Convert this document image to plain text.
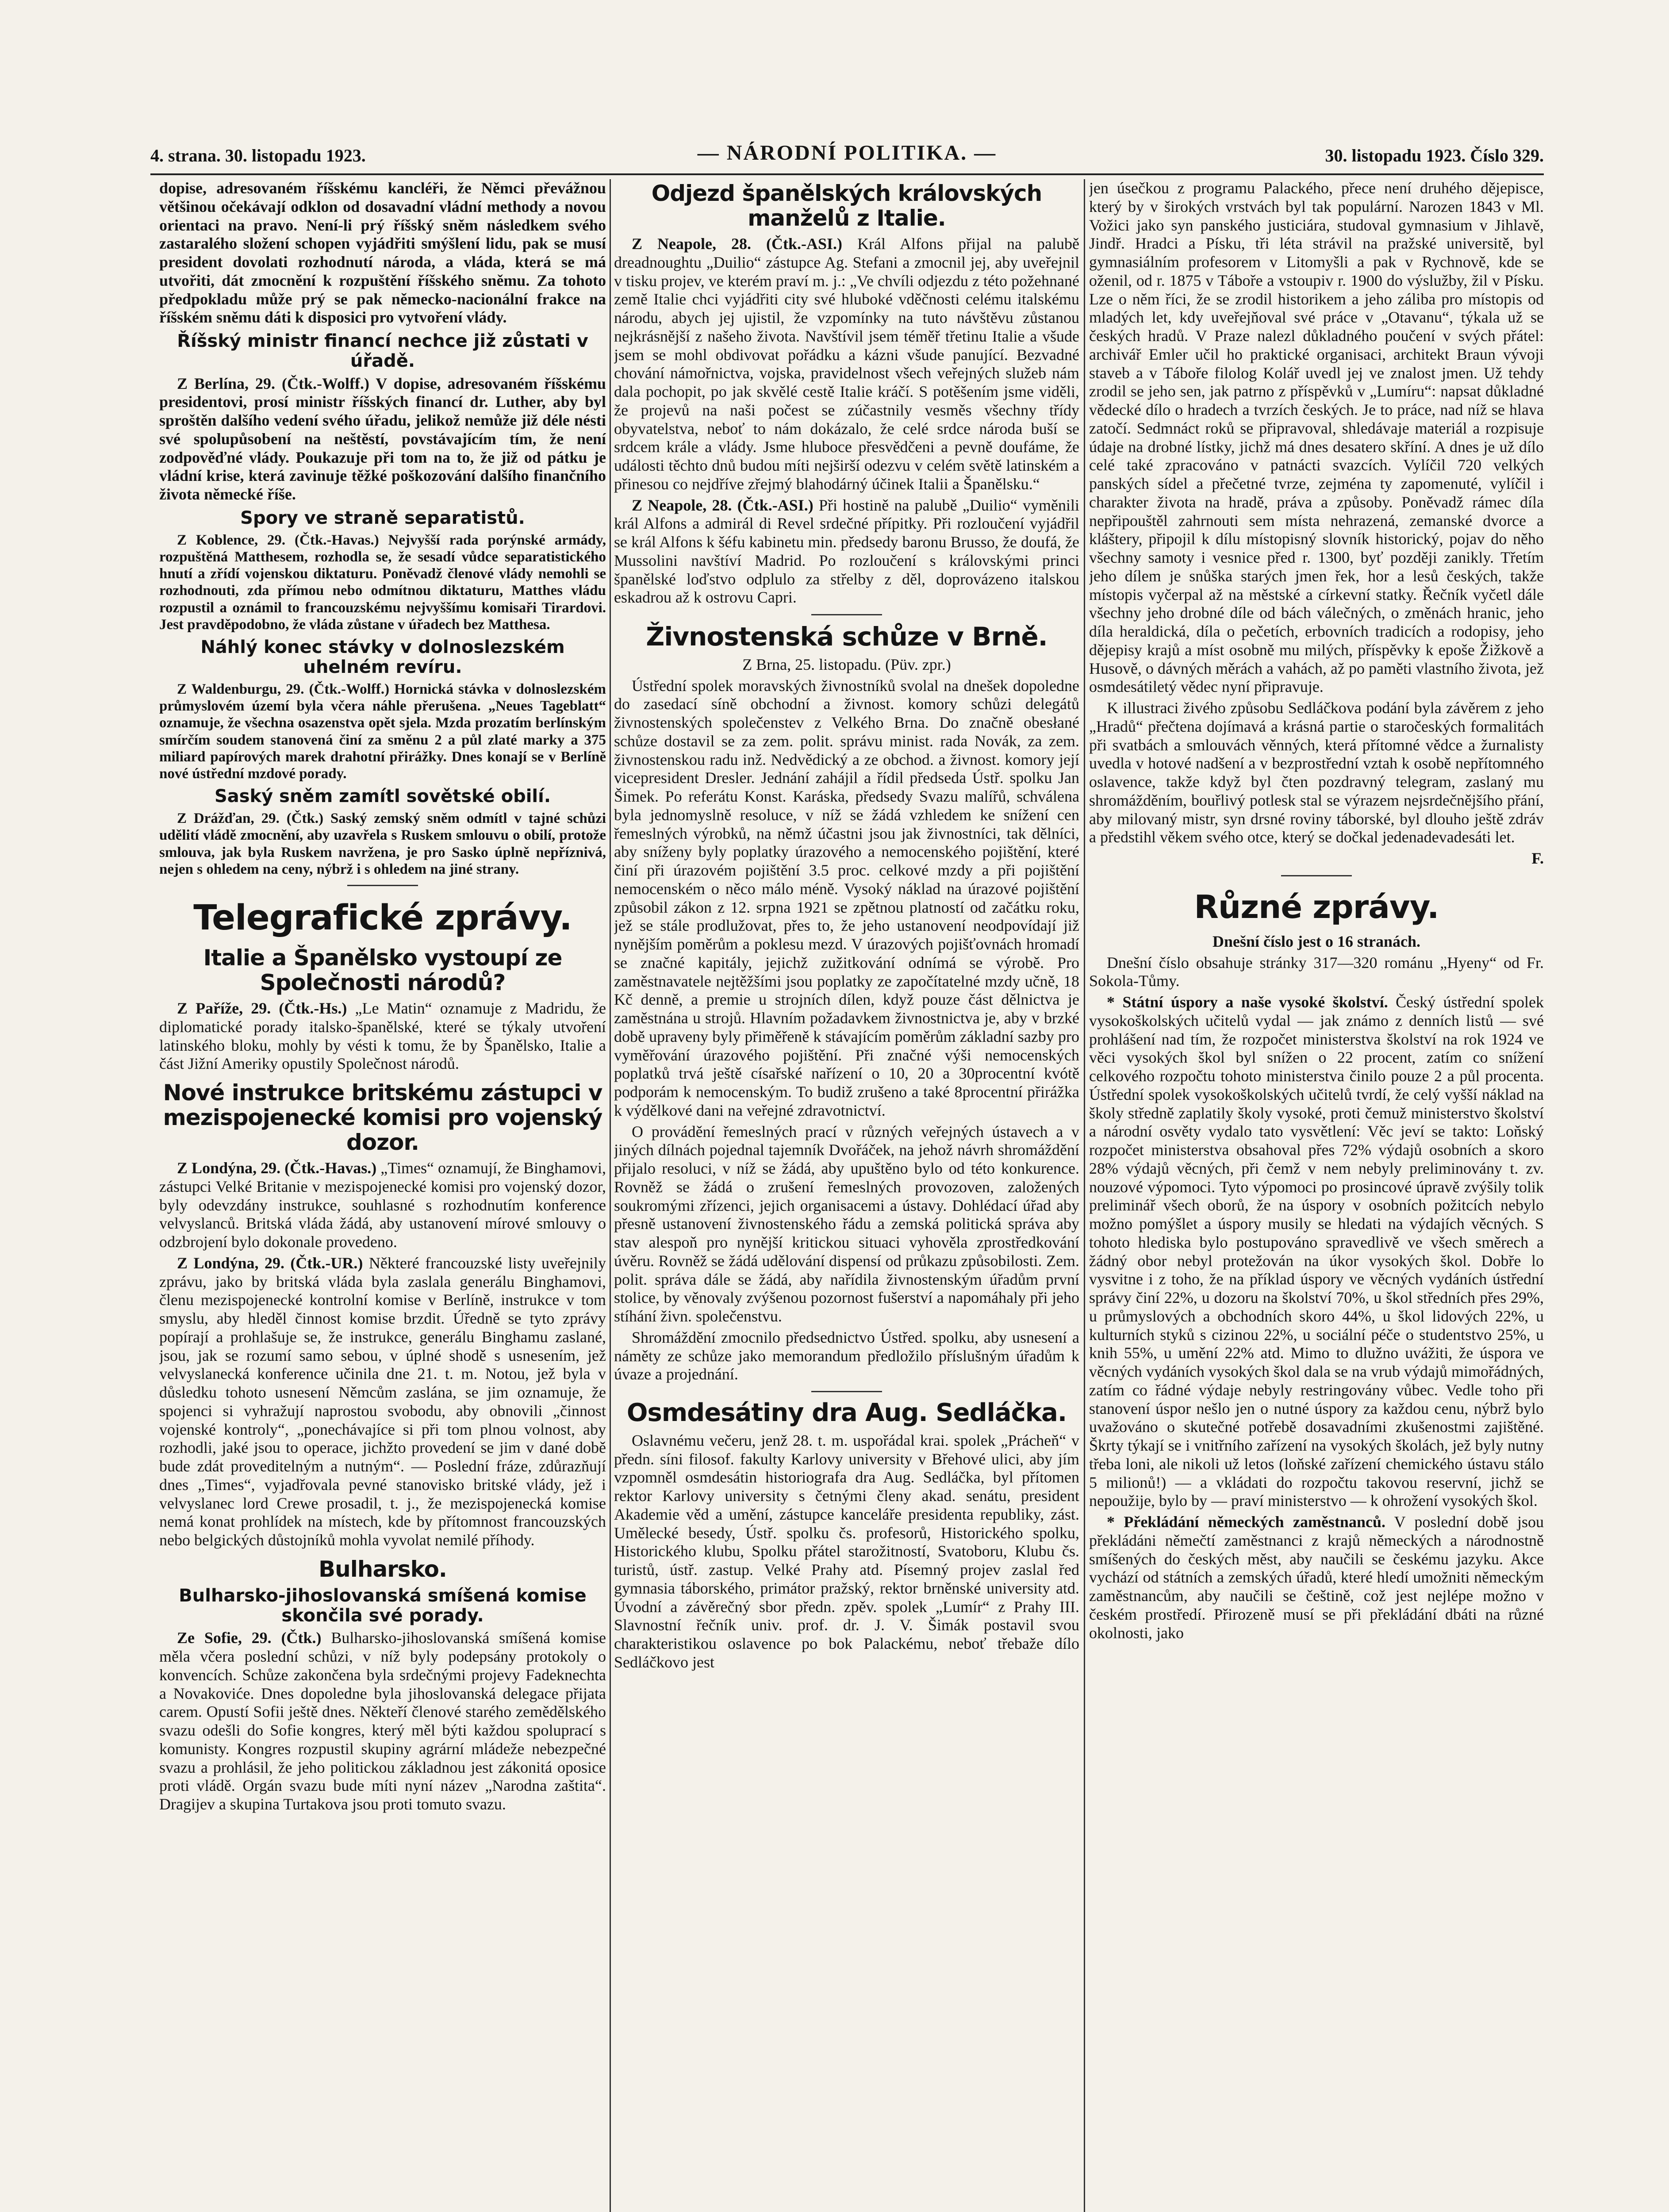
4. strana. 30. listopadu 1923.	— NÁRODNÍ POLITIKA. —	30. listopadu 1923. Číslo 329.

dopise, adresovaném říšskému kancléři, že Němci převážnou většinou očekávají odklon od dosavadní vládní methody a novou orientaci na pravo. Není-li prý říšský sněm následkem svého zastaralého složení schopen vyjádřiti smýšlení lidu, pak se musí president dovolati rozhodnutí národa, a vláda, která se má utvořiti, dát zmocnění k rozpuštění říšského sněmu. Za tohoto předpokladu může prý se pak německo-nacionální frakce na říšském sněmu dáti k disposici pro vytvoření vlády.

Říšský ministr financí nechce již zůstati v úřadě.

Z Berlína, 29. (Čtk.-Wolff.) V dopise, adresovaném říšskému presidentovi, prosí ministr říšských financí dr. Luther, aby byl sproštěn dalšího vedení svého úřadu, jelikož nemůže již déle nésti své spolupůsobení na neštěstí, povstávajícím tím, že není zodpověďné vlády. Poukazuje při tom na to, že již od pátku je vládní krise, která zavinuje těžké poškozování dalšího finančního života německé říše.

Spory ve straně separatistů.

Z Koblence, 29. (Čtk.-Havas.) Nejvyšší rada porýnské armády, rozpuštěná Matthesem, rozhodla se, že sesadí vůdce separatistického hnutí a zřídí vojenskou diktaturu. Poněvadž členové vlády nemohli se rozhodnouti, zda přímou nebo odmítnou diktaturu, Matthes vládu rozpustil a oznámil to francouzskému nejvyššímu komisaři Tirardovi. Jest pravděpodobno, že vláda zůstane v úřadech bez Matthesa.

Náhlý konec stávky v dolnoslezském uhelném revíru.

Z Waldenburgu, 29. (Čtk.-Wolff.) Hornická stávka v dolnoslezském průmyslovém území byla včera náhle přerušena. „Neues Tageblatt“ oznamuje, že všechna osazenstva opět sjela. Mzda prozatím berlínským smírčím soudem stanovená činí za směnu 2 a půl zlaté marky a 375 miliard papírových marek drahotní přirážky. Dnes konají se v Berlíně nové ústřední mzdové porady.

Saský sněm zamítl sovětské obilí.

Z Drážďan, 29. (Čtk.) Saský zemský sněm odmítl v tajné schůzi udělití vládě zmocnění, aby uzavřela s Ruskem smlouvu o obilí, protože smlouva, jak byla Ruskem navržena, je pro Sasko úplně nepříznivá, nejen s ohledem na ceny, nýbrž i s ohledem na jiné strany.

Telegrafické zprávy.
Italie a Španělsko vystoupí ze Společnosti národů?

Z Paříže, 29. (Čtk.-Hs.) „Le Matin“ oznamuje z Madridu, že diplomatické porady italsko-španělské, které se týkaly utvoření latinského bloku, mohly by vésti k tomu, že by Španělsko, Italie a část Jižní Ameriky opustily Společnost národů.

Nové instrukce britskému zástupci v mezispojenecké komisi pro vojenský dozor.

Z Londýna, 29. (Čtk.-Havas.) „Times“ oznamují, že Binghamovi, zástupci Velké Britanie v mezispojenecké komisi pro vojenský dozor, byly odevzdány instrukce, souhlasné s rozhodnutím konference velvyslanců. Britská vláda žádá, aby ustanovení mírové smlouvy o odzbrojení bylo dokonale provedeno.

Z Londýna, 29. (Čtk.-UR.) Některé francouzské listy uveřejnily zprávu, jako by britská vláda byla zaslala generálu Binghamovi, členu mezispojenecké kontrolní komise v Berlíně, instrukce v tom smyslu, aby hleděl činnost komise brzdit. Úředně se tyto zprávy popírají a prohlašuje se, že instrukce, generálu Binghamu zaslané, jsou, jak se rozumí samo sebou, v úplné shodě s usnesením, jež velvyslanecká konference učinila dne 21. t. m. Notou, jež byla v důsledku tohoto usnesení Němcům zaslána, se jim oznamuje, že spojenci si vyhražují naprostou svobodu, aby obnovili „činnost vojenské kontroly“, „ponechávajíce si při tom plnou volnost, aby rozhodli, jaké jsou to operace, jichžto provedení se jim v dané době bude zdát proveditelným a nutným“. — Poslední fráze, zdůrazňují dnes „Times“, vyjadřovala pevné stanovisko britské vlády, jež i velvyslanec lord Crewe prosadil, t. j., že mezispojenecká komise nemá konat prohlídek na místech, kde by přítomnost francouzských nebo belgických důstojníků mohla vyvolat nemilé příhody.

Bulharsko.
Bulharsko-jihoslovanská smíšená komise skončila své porady.

Ze Sofie, 29. (Čtk.) Bulharsko-jihoslovanská smíšená komise měla včera poslední schůzi, v níž byly podepsány protokoly o konvencích. Schůze zakončena byla srdečnými projevy Fadeknechta a Novakoviće. Dnes dopoledne byla jihoslovanská delegace přijata carem. Opustí Sofii ještě dnes. Někteří členové starého zemědělského svazu odešli do Sofie kongres, který měl býti každou spoluprací s komunisty. Kongres rozpustil skupiny agrární mládeže nebezpečné svazu a prohlásil, že jeho politickou základnou jest zákonitá oposice proti vládě. Orgán svazu bude míti nyní název „Narodna zaštita“. Dragijev a skupina Turtakova jsou proti tomuto svazu.

Odjezd španělských královských manželů z Italie.

Z Neapole, 28. (Čtk.-ASI.) Král Alfons přijal na palubě dreadnoughtu „Duilio“ zástupce Ag. Stefani a zmocnil jej, aby uveřejnil v tisku projev, ve kterém praví m. j.: „Ve chvíli odjezdu z této požehnané země Italie chci vyjádřiti city své hluboké vděčnosti celému italskému národu, abych jej ujistil, že vzpomínky na tuto návštěvu zůstanou nejkrásnější z našeho života. Navštívil jsem téměř třetinu Italie a všude jsem se mohl obdivovat pořádku a kázni všude panující. Bezvadné chování námořnictva, vojska, pravidelnost všech veřejných služeb nám dala pochopit, po jak skvělé cestě Italie kráčí. S potěšením jsme viděli, že projevů na naši počest se zúčastnily vesměs všechny třídy obyvatelstva, neboť to nám dokázalo, že celé srdce národa buší se srdcem krále a vlády. Jsme hluboce přesvědčeni a pevně doufáme, že události těchto dnů budou míti nejširší odezvu v celém světě latinském a přinesou co nejdříve zřejmý blahodárný účinek Italii a Španělsku.“

Z Neapole, 28. (Čtk.-ASI.) Při hostině na palubě „Duilio“ vyměnili král Alfons a admirál di Revel srdečné přípitky. Při rozloučení vyjádřil se král Alfons k šéfu kabinetu min. předsedy baronu Brusso, že doufá, že Mussolini navštíví Madrid. Po rozloučení s královskými princi španělské loďstvo odplulo za střelby z děl, doprovázeno italskou eskadrou až k ostrovu Capri.

Živnostenská schůze v Brně.

Z Brna, 25. listopadu. (Püv. zpr.)

Ústřední spolek moravských živnostníků svolal na dnešek dopoledne do zasedací síně obchodní a živnost. komory schůzi delegátů živnostenských společenstev z Velkého Brna. Do značně obesłané schůze dostavil se za zem. polit. správu minist. rada Novák, za zem. živnostenskou radu inž. Nedvědický a ze obchod. a živnost. komory její vicepresident Dresler. Jednání zahájil a řídil předseda Ústř. spolku Jan Šimek. Po referátu Konst. Karáska, předsedy Svazu malířů, schválena byla jednomyslně resoluce, v níž se žádá vzhledem ke snížení cen řemeslných výrobků, na němž účastni jsou jak živnostníci, tak dělníci, aby sníženy byly poplatky úrazového a nemocenského pojištění, které činí při úrazovém pojištění 3.5 proc. celkové mzdy a při pojištění nemocenském o něco málo méně. Vysoký náklad na úrazové pojištění způsobil zákon z 12. srpna 1921 se zpětnou platností od začátku roku, jež se stále prodlužovat, přes to, že jeho ustanovení neodpovídají již nynějším poměrům a poklesu mezd. V úrazových pojišťovnách hromadí se značné kapitály, jejichž zužitkování odnímá se výrobě. Pro zaměstnavatele nejtěžšími jsou poplatky ze započítatelné mzdy učně, 18 Kč denně, a premie u strojních dílen, když pouze část dělnictva je zaměstnána u strojů. Hlavním požadavkem živnostnictva je, aby v brzké době upraveny byly přiměřeně k stávajícím poměrům základní sazby pro vyměřování úrazového pojištění. Při značné výši nemocenských poplatků trvá ještě císařské nařízení o 10, 20 a 30procentní kvótě podporám k nemocenským. To budiž zrušeno a také 8procentní přirážka k výdělkové dani na veřejné zdravotnictví.

O provádění řemeslných prací v různých veřejných ústavech a v jiných dílnách pojednal tajemník Dvořáček, na jehož návrh shromáždění přijalo resoluci, v níž se žádá, aby upuštěno bylo od této konkurence. Rovněž se žádá o zrušení řemeslných provozoven, založených soukromými zřízenci, jejich organisacemi a ústavy. Dohlédací úřad aby přesně ustanovení živnostenského řádu a zemská politická správa aby stav alespoň pro nynější kritickou situaci vyhověla zprostředkování úvěru. Rovněž se žádá udělování dispensí od průkazu způsobilosti. Zem. polit. správa dále se žádá, aby nařídila živnostenským úřadům první stolice, by věnovaly zvýšenou pozornost fušerství a napomáhaly při jeho stíhání živn. společenstvu.

Shromáždění zmocnilo předsednictvo Ústřed. spolku, aby usnesení a náměty ze schůze jako memorandum předložilo příslušným úřadům k úvaze a projednání.

Osmdesátiny dra Aug. Sedláčka.

Oslavnému večeru, jenž 28. t. m. uspořádal krai. spolek „Prácheň“ v předn. síni filosof. fakulty Karlovy university v Břehové ulici, aby jím vzpomněl osmdesátin historiografa dra Aug. Sedláčka, byl přítomen rektor Karlovy university s četnými členy akad. senátu, president Akademie věd a umění, zástupce kanceláře presidenta republiky, zást. Umělecké besedy, Ústř. spolku čs. profesorů, Historického spolku, Historického klubu, Spolku přátel starožitností, Svatoboru, Klubu čs. turistů, ústř. zastup. Velké Prahy atd. Písemný projev zaslal řed gymnasia táborského, primátor pražský, rektor brněnské university atd. Úvodní a závěrečný sbor předn. zpěv. spolek „Lumír“ z Prahy III. Slavnostní řečník univ. prof. dr. J. V. Šimák postavil svou charakteristikou oslavence po bok Palackému, neboť třebaže dílo Sedláčkovo jest

jen úsečkou z programu Palackého, přece není druhého dějepisce, který by v širokých vrstvách byl tak populární. Narozen 1843 v Ml. Vožici jako syn panského justiciára, studoval gymnasium v Jihlavě, Jindř. Hradci a Písku, tři léta strávil na pražské universitě, byl gymnasiálním profesorem v Litomyšli a pak v Rychnově, kde se oženil, od r. 1875 v Táboře a vstoupiv r. 1900 do výslužby, žil v Písku. Lze o něm říci, že se zrodil historikem a jeho záliba pro místopis od mladých let, kdy uveřejňoval své práce v „Otavanu“, týkala už se českých hradů. V Praze nalezl důkladného poučení v svých přátel: archivář Emler učil ho praktické organisaci, architekt Braun vývoji staveb a v Táboře filolog Kolář uvedl jej ve znalost jmen. Už tehdy zrodil se jeho sen, jak patrno z příspěvků v „Lumíru“: napsat důkladné vědecké dílo o hradech a tvrzích českých. Je to práce, nad níž se hlava zatočí. Sedmnáct roků se připravoval, shledávaje materiál a rozpisuje údaje na drobné lístky, jichž má dnes desatero skříní. A dnes je už dílo celé také zpracováno v patnácti svazcích. Vylíčil 720 velkých panských sídel a přečetné tvrze, zejména ty zapomenuté, vylíčil i charakter života na hradě, práva a způsoby. Poněvadž rámec díla nepřipouštěl zahrnouti sem místa nehrazená, zemanské dvorce a kláštery, připojil k dílu místopisný slovník historický, pojav do něho všechny samoty i vesnice před r. 1300, byť později zanikly. Třetím jeho dílem je snůška starých jmen řek, hor a lesů českých, takže místopis vyčerpal až na městské a církevní statky. Řečník vyčetl dále všechny jeho drobné díle od bách válečných, o změnách hranic, jeho díla heraldická, díla o pečetích, erbovních tradicích a rodopisy, jeho dějepisy krajů a míst osobně mu milých, příspěvky k epoše Žižkově a Husově, o dávných měrách a vahách, až po paměti vlastního života, jež osmdesátiletý vědec nyní připravuje.

K illustraci živého způsobu Sedláčkova podání byla závěrem z jeho „Hradů“ přečtena dojímavá a krásná partie o staročeských formalitách při svatbách a smlouvách věnných, která přítomné vědce a žurnalisty uvedla v hotové nadšení a v bezprostřední vztah k osobě nepřítomného oslavence, takže když byl čten pozdravný telegram, zaslaný mu shromážděním, bouřlivý potlesk stal se výrazem nejsrdečnějšího přání, aby milovaný mistr, syn drsné roviny táborské, byl dlouho ještě zdráv a předstihl věkem svého otce, který se dočkal jedenadevadesáti let.

F.

Různé zprávy.

Dnešní číslo jest o 16 stranách.

Dnešní číslo obsahuje stránky 317—320 románu „Hyeny“ od Fr. Sokola-Tůmy.

* Státní úspory a naše vysoké školství. Český ústřední spolek vysokoškolských učitelů vydal — jak známo z denních listů — své prohlášení nad tím, že rozpočet ministerstva školství na rok 1924 ve věci vysokých škol byl snížen o 22 procent, zatím co snížení celkového rozpočtu tohoto ministerstva činilo pouze 2 a půl procenta. Ústřední spolek vysokoškolských učitelů tvrdí, že celý vyšší náklad na školy středně zaplatily školy vysoké, proti čemuž ministerstvo školství a národní osvěty vydalo tato vysvětlení: Věc jeví se takto: Loňský rozpočet ministerstva obsahoval přes 72% výdajů osobních a skoro 28% výdajů věcných, při čemž v nem nebyly preliminovány t. zv. nouzové výpomoci. Tyto výpomoci po prosincové úpravě zvýšily tolik preliminář všech oborů, že na úspory v osobních požitcích nebylo možno pomýšlet a úspory musily se hledati na výdajích věcných. S tohoto hlediska bylo postupováno spravedlivě ve všech směrech a žádný obor nebyl protežován na úkor vysokých škol. Dobře lo vysvitne i z toho, že na příklad úspory ve věcných vydáních ústřední správy činí 22%, u dozoru na školství 70%, u škol středních přes 29%, u průmyslových a obchodních skoro 44%, u škol lidových 22%, u kulturních styků s cizinou 22%, u sociální péče o studentstvo 25%, u knih 55%, u umění 22% atd. Mimo to dlužno uvážiti, že úspora ve věcných vydáních vysokých škol dala se na vrub výdajů mimořádných, zatím co řádné výdaje nebyly restringovány vůbec. Vedle toho při stanovení úspor nešlo jen o nutné úspory za každou cenu, nýbrž bylo uvažováno o skutečné potřebě dosavadními zkušenostmi zajištěné. Škrty týkají se i vnitřního zařízení na vysokých školách, jež byly nutny třeba loni, ale nikoli už letos (loňské zařízení chemického ústavu stálo 5 milionů!) — a vkládati do rozpočtu takovou reservní, jichž se nepoužije, bylo by — praví ministerstvo — k ohrožení vysokých škol.

* Překládání německých zaměstnanců. V poslední době jsou překládáni němečtí zaměstnanci z krajů německých a národnostně smíšených do českých měst, aby naučili se českému jazyku. Akce vychází od státních a zemských úřadů, které hledí umožniti německým zaměstnancům, aby naučili se češtině, což jest nejlépe možno v českém prostředí. Přirozeně musí se při překládání dbáti na různé okolnosti, jako
